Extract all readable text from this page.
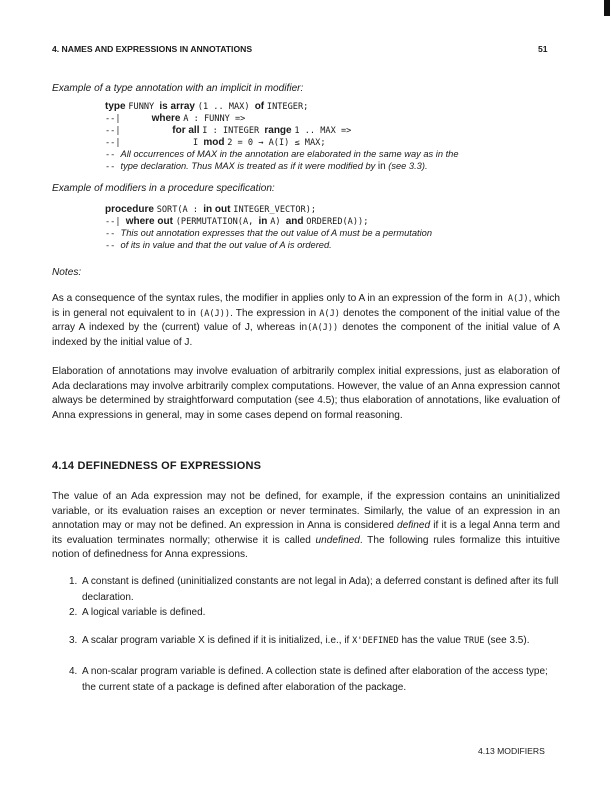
4. NAMES AND EXPRESSIONS IN ANNOTATIONS	51
Example of a type annotation with an implicit in modifier:
type FUNNY is array (1 .. MAX) of INTEGER;
--|      where A : FUNNY =>
--|          for all I : INTEGER range 1 .. MAX =>
--|              I mod 2 = 0 → A(I) ≤ MAX;
-- All occurrences of MAX in the annotation are elaborated in the same way as in the
-- type declaration. Thus MAX is treated as if it were modified by in (see 3.3).
Example of modifiers in a procedure specification:
procedure SORT(A : in out INTEGER_VECTOR);
--| where out (PERMUTATION(A, in A) and ORDERED(A));
-- This out annotation expresses that the out value of A must be a permutation
-- of its in value and that the out value of A is ordered.
Notes:
As a consequence of the syntax rules, the modifier in applies only to A in an expression of the form in A(J), which is in general not equivalent to in (A(J)). The expression in A(J) denotes the component of the initial value of the array A indexed by the (current) value of J, whereas in(A(J)) denotes the component of the initial value of A indexed by the initial value of J.
Elaboration of annotations may involve evaluation of arbitrarily complex initial expressions, just as elaboration of Ada declarations may involve arbitrarily complex computations. However, the value of an Anna expression cannot always be determined by straightforward computation (see 4.5); thus elaboration of annotations, like evaluation of Anna expressions in general, may in some cases depend on formal reasoning.
4.14 DEFINEDNESS OF EXPRESSIONS
The value of an Ada expression may not be defined, for example, if the expression contains an uninitialized variable, or its evaluation raises an exception or never terminates. Similarly, the value of an expression in an annotation may or may not be defined. An expression in Anna is considered defined if it is a legal Anna term and its evaluation terminates normally; otherwise it is called undefined. The following rules formalize this intuitive notion of definedness for Anna expressions.
1. A constant is defined (uninitialized constants are not legal in Ada); a deferred constant is defined after its full declaration.
2. A logical variable is defined.
3. A scalar program variable X is defined if it is initialized, i.e., if X'DEFINED has the value TRUE (see 3.5).
4. A non-scalar program variable is defined. A collection state is defined after elaboration of the access type; the current state of a package is defined after elaboration of the package.
4.13 MODIFIERS
